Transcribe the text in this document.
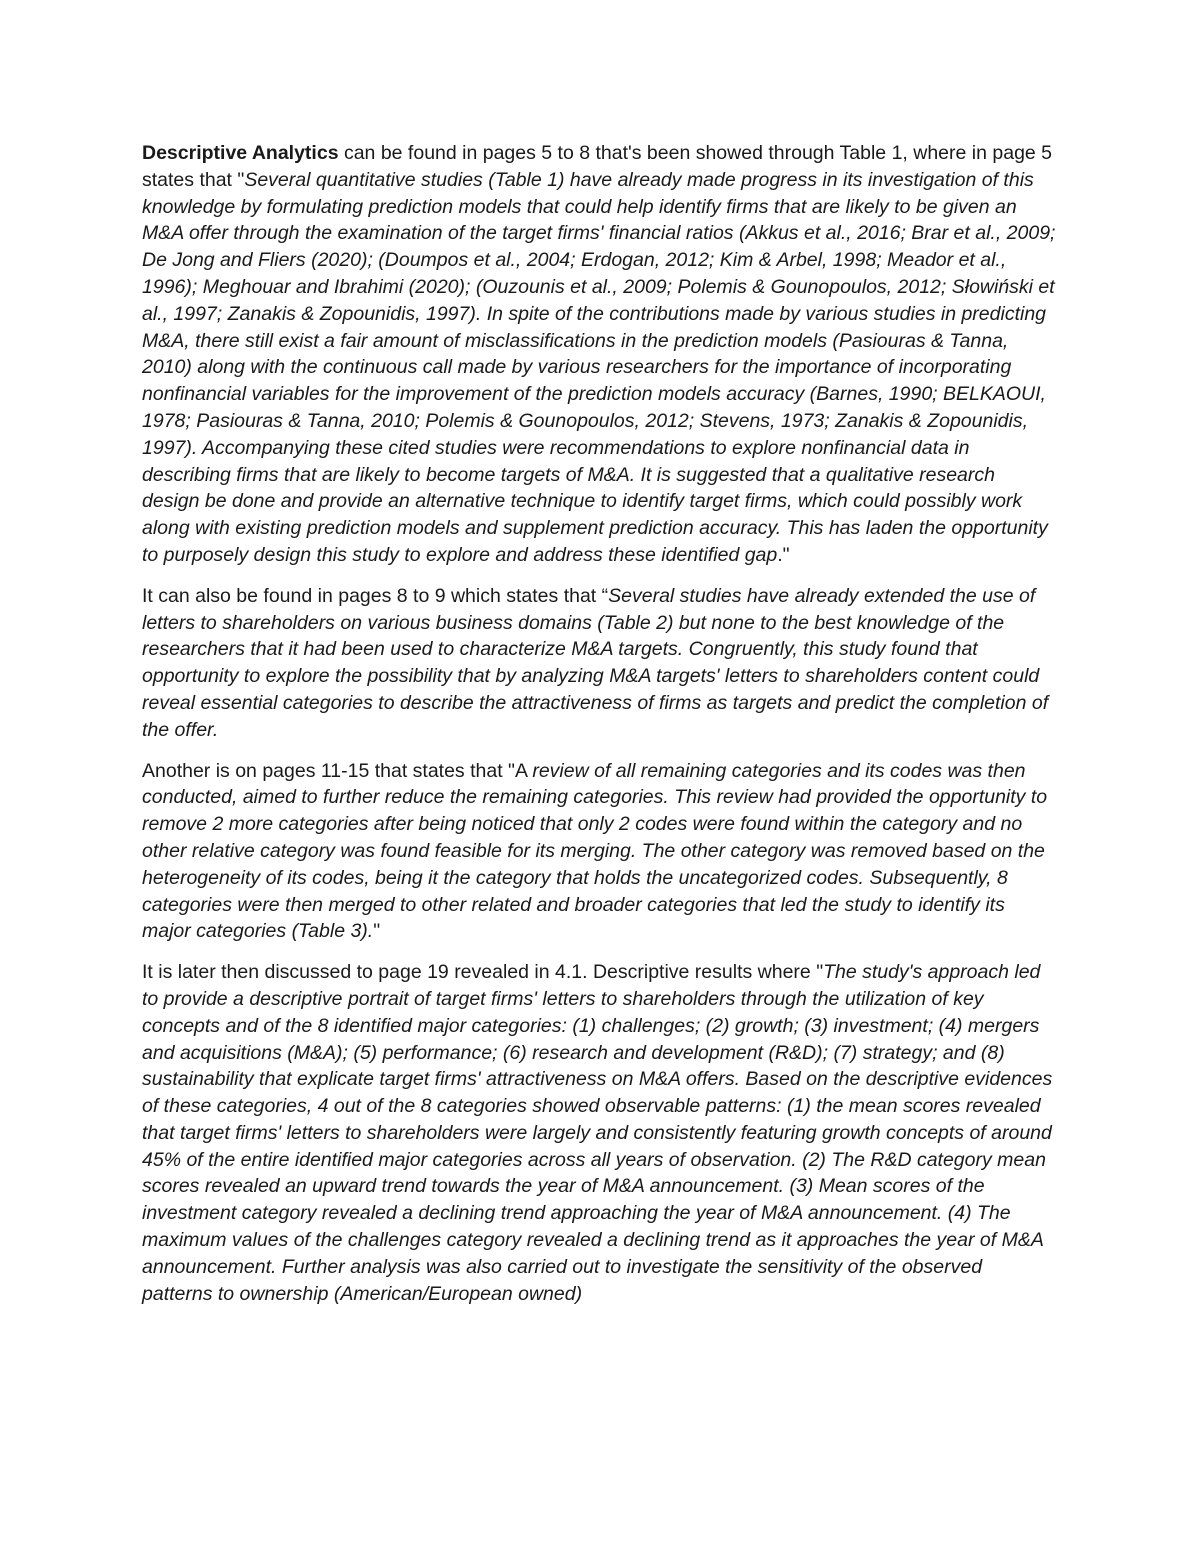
Descriptive Analytics can be found in pages 5 to 8 that's been showed through Table 1, where in page 5 states that "Several quantitative studies (Table 1) have already made progress in its investigation of this knowledge by formulating prediction models that could help identify firms that are likely to be given an M&A offer through the examination of the target firms' financial ratios (Akkus et al., 2016; Brar et al., 2009; De Jong and Fliers (2020); (Doumpos et al., 2004; Erdogan, 2012; Kim & Arbel, 1998; Meador et al., 1996); Meghouar and Ibrahimi (2020); (Ouzounis et al., 2009; Polemis & Gounopoulos, 2012; Słowiński et al., 1997; Zanakis & Zopounidis, 1997). In spite of the contributions made by various studies in predicting M&A, there still exist a fair amount of misclassifications in the prediction models (Pasiouras & Tanna, 2010) along with the continuous call made by various researchers for the importance of incorporating nonfinancial variables for the improvement of the prediction models accuracy (Barnes, 1990; BELKAOUI, 1978; Pasiouras & Tanna, 2010; Polemis & Gounopoulos, 2012; Stevens, 1973; Zanakis & Zopounidis, 1997). Accompanying these cited studies were recommendations to explore nonfinancial data in describing firms that are likely to become targets of M&A. It is suggested that a qualitative research design be done and provide an alternative technique to identify target firms, which could possibly work along with existing prediction models and supplement prediction accuracy. This has laden the opportunity to purposely design this study to explore and address these identified gap."

It can also be found in pages 8 to 9 which states that “Several studies have already extended the use of letters to shareholders on various business domains (Table 2) but none to the best knowledge of the researchers that it had been used to characterize M&A targets. Congruently, this study found that opportunity to explore the possibility that by analyzing M&A targets' letters to shareholders content could reveal essential categories to describe the attractiveness of firms as targets and predict the completion of the offer.

Another is on pages 11-15 that states that "A review of all remaining categories and its codes was then conducted, aimed to further reduce the remaining categories. This review had provided the opportunity to remove 2 more categories after being noticed that only 2 codes were found within the category and no other relative category was found feasible for its merging. The other category was removed based on the heterogeneity of its codes, being it the category that holds the uncategorized codes. Subsequently, 8 categories were then merged to other related and broader categories that led the study to identify its major categories (Table 3)."

It is later then discussed to page 19 revealed in 4.1. Descriptive results where "The study's approach led to provide a descriptive portrait of target firms' letters to shareholders through the utilization of key concepts and of the 8 identified major categories: (1) challenges; (2) growth; (3) investment; (4) mergers and acquisitions (M&A); (5) performance; (6) research and development (R&D); (7) strategy; and (8) sustainability that explicate target firms' attractiveness on M&A offers. Based on the descriptive evidences of these categories, 4 out of the 8 categories showed observable patterns: (1) the mean scores revealed that target firms' letters to shareholders were largely and consistently featuring growth concepts of around 45% of the entire identified major categories across all years of observation. (2) The R&D category mean scores revealed an upward trend towards the year of M&A announcement. (3) Mean scores of the investment category revealed a declining trend approaching the year of M&A announcement. (4) The maximum values of the challenges category revealed a declining trend as it approaches the year of M&A announcement. Further analysis was also carried out to investigate the sensitivity of the observed patterns to ownership (American/European owned)
